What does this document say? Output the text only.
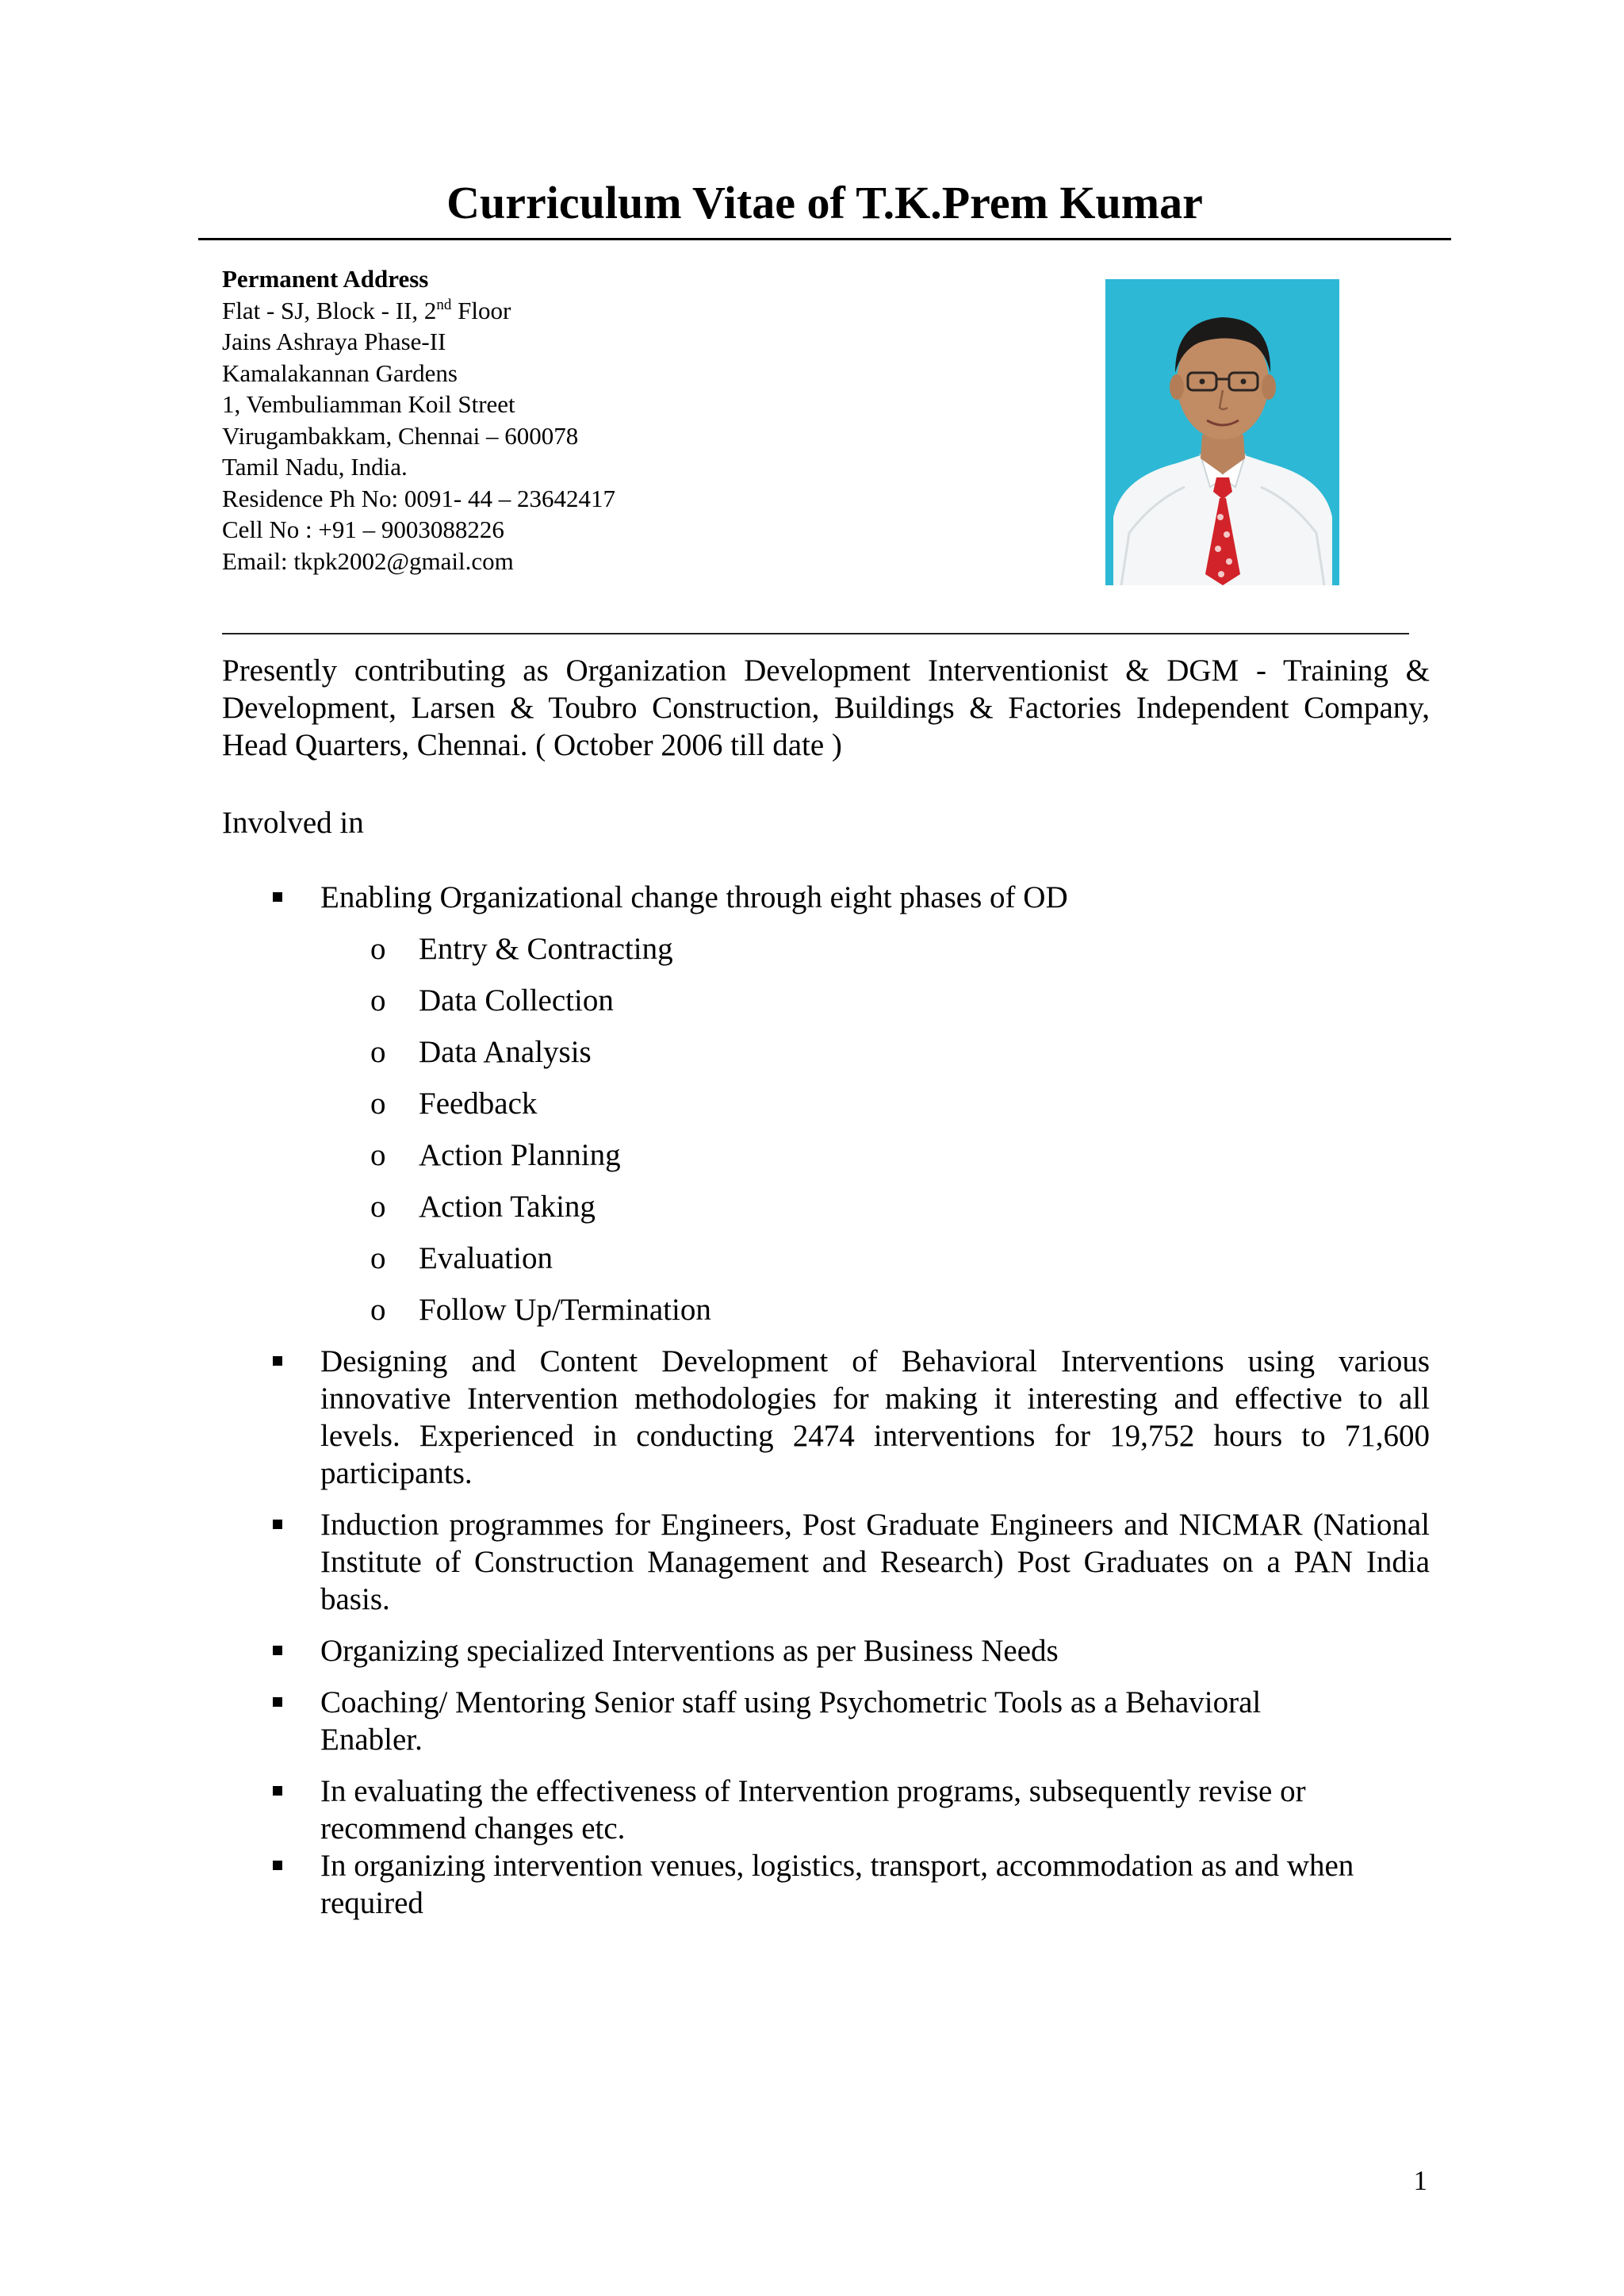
Curriculum Vitae of T.K.Prem Kumar
Permanent Address
Flat - SJ, Block - II, 2nd Floor
Jains Ashraya Phase-II
Kamalakannan Gardens
1, Vembuliamman Koil Street
Virugambakkam, Chennai – 600078
Tamil Nadu, India.
Residence Ph No: 0091- 44 – 23642417
Cell No : +91 – 9003088226
Email: tkpk2002@gmail.com
Presently contributing as Organization Development Interventionist & DGM - Training & Development, Larsen & Toubro Construction, Buildings & Factories Independent Company, Head Quarters, Chennai. ( October 2006 till date )
Involved in
Enabling Organizational change through eight phases of OD
o Entry & Contracting
o Data Collection
o Data Analysis
o Feedback
o Action Planning
o Action Taking
o Evaluation
o Follow Up/Termination
Designing and Content Development of Behavioral Interventions using various innovative Intervention methodologies for making it interesting and effective to all levels. Experienced in conducting 2474 interventions for 19,752 hours to 71,600 participants.
Induction programmes for Engineers, Post Graduate Engineers and NICMAR (National Institute of Construction Management and Research) Post Graduates on a PAN India basis.
Organizing specialized Interventions as per Business Needs
Coaching/ Mentoring Senior staff using Psychometric Tools as a Behavioral Enabler.
In evaluating the effectiveness of Intervention programs, subsequently revise or recommend changes etc.
In organizing intervention venues, logistics, transport, accommodation as and when required
1
